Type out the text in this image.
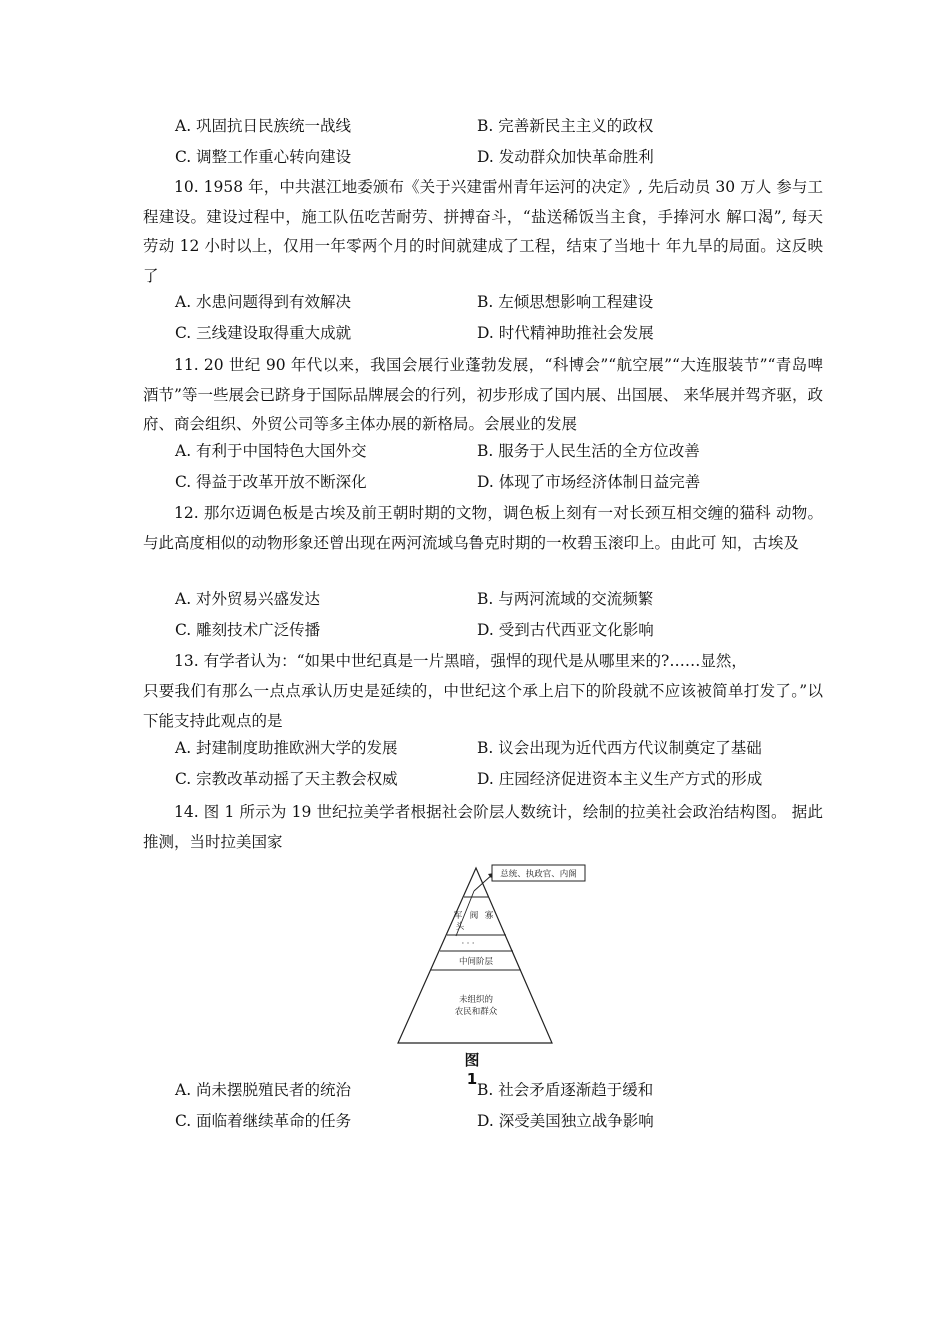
A. 巩固抗日民族统一战线	B. 完善新民主主义的政权
C. 调整工作重心转向建设	D. 发动群众加快革命胜利
10. 1958 年，中共湛江地委颁布《关于兴建雷州青年运河的决定》, 先后动员 30 万人 参与工程建设。建设过程中，施工队伍吃苦耐劳、拼搏奋斗，“盐送稀饭当主食，手捧河水 解口渴”, 每天劳动 12 小时以上，仅用一年零两个月的时间就建成了工程，结束了当地十 年九旱的局面。这反映了
A. 水患问题得到有效解决	B. 左倾思想影响工程建设
C. 三线建设取得重大成就	D. 时代精神助推社会发展
11. 20 世纪 90 年代以来，我国会展行业蓬勃发展，“科博会”“航空展”“大连服装节”“青岛啤酒节”等一些展会已跻身于国际品牌展会的行列，初步形成了国内展、出国展、 来华展并驾齐驱，政府、商会组织、外贸公司等多主体办展的新格局。会展业的发展
A. 有利于中国特色大国外交	B. 服务于人民生活的全方位改善
C. 得益于改革开放不断深化	D. 体现了市场经济体制日益完善
12. 那尔迈调色板是古埃及前王朝时期的文物，调色板上刻有一对长颈互相交缠的猫科 动物。与此高度相似的动物形象还曾出现在两河流域乌鲁克时期的一枚碧玉滚印上。由此可 知，古埃及
A. 对外贸易兴盛发达	B. 与两河流域的交流频繁
C. 雕刻技术广泛传播	D. 受到古代西亚文化影响
13. 有学者认为：“如果中世纪真是一片黑暗，强悍的现代是从哪里来的?……显然，
只要我们有那么一点点承认历史是延续的，中世纪这个承上启下的阶段就不应该被简单打发了。”以下能支持此观点的是
A. 封建制度助推欧洲大学的发展	B. 议会出现为近代西方代议制奠定了基础
C. 宗教改革动摇了天主教会权威	D. 庄园经济促进资本主义生产方式的形成
14. 图 1 所示为 19 世纪拉美学者根据社会阶层人数统计，绘制的拉美社会政治结构图。 据此推测，当时拉美国家
总统、执政官、内阁
军 阀 寡
头
· · ·
中间阶层
未组织的
农民和群众
图 1
A. 尚未摆脱殖民者的统治	B. 社会矛盾逐渐趋于缓和
C. 面临着继续革命的任务	D. 深受美国独立战争影响
